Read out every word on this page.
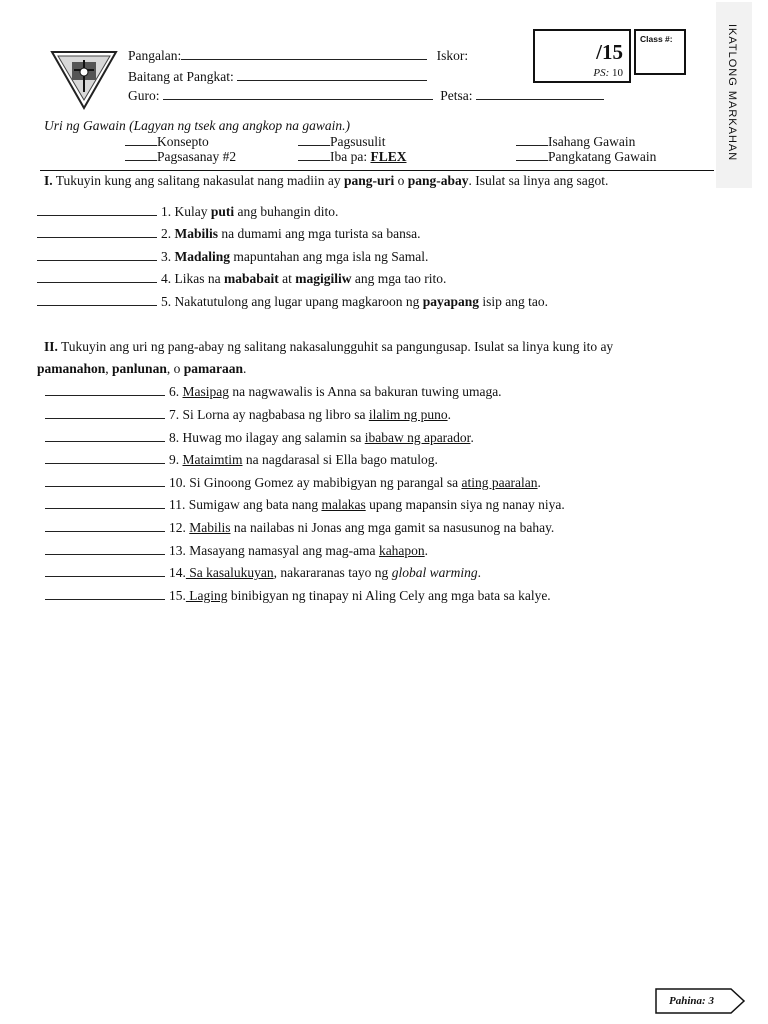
Pangalan:	Iskor:
Baitang at Pangkat:
Guro:	Petsa:
/15
PS: 10
Class #:	IKATLONG MARKAHAN
Uri ng Gawain (Lagyan ng tsek ang angkop na gawain.)
Konsepto	Pagsusulit	Isahang Gawain
Pagsasanay #2	Iba pa: FLEX	Pangkatang Gawain
I. Tukuyin kung ang salitang nakasulat nang madiin ay pang-uri o pang-abay. Isulat sa linya ang sagot.
1. Kulay puti ang buhangin dito.
2. Mabilis na dumami ang mga turista sa bansa.
3. Madaling mapuntahan ang mga isla ng Samal.
4. Likas na mababait at magigiliw ang mga tao rito.
5. Nakatutulong ang lugar upang magkaroon ng payapang isip ang tao.
II. Tukuyin ang uri ng pang-abay ng salitang nakasalungguhit sa pangungusap. Isulat sa linya kung ito ay
pamanahon, panlunan, o pamaraan.
6. Masipag na nagwawalis is Anna sa bakuran tuwing umaga.
7. Si Lorna ay nagbabasa ng libro sa ilalim ng puno.
8. Huwag mo ilagay ang salamin sa ibabaw ng aparador.
9. Mataimtim na nagdarasal si Ella bago matulog.
10. Si Ginoong Gomez ay mabibigyan ng parangal sa ating paaralan.
11. Sumigaw ang bata nang malakas upang mapansin siya ng nanay niya.
12. Mabilis na nailabas ni Jonas ang mga gamit sa nasusunog na bahay.
13. Masayang namasyal ang mag-ama kahapon.
14. Sa kasalukuyan, nakararanas tayo ng global warming.
15. Laging binibigyan ng tinapay ni Aling Cely ang mga bata sa kalye.
Pahina: 3
